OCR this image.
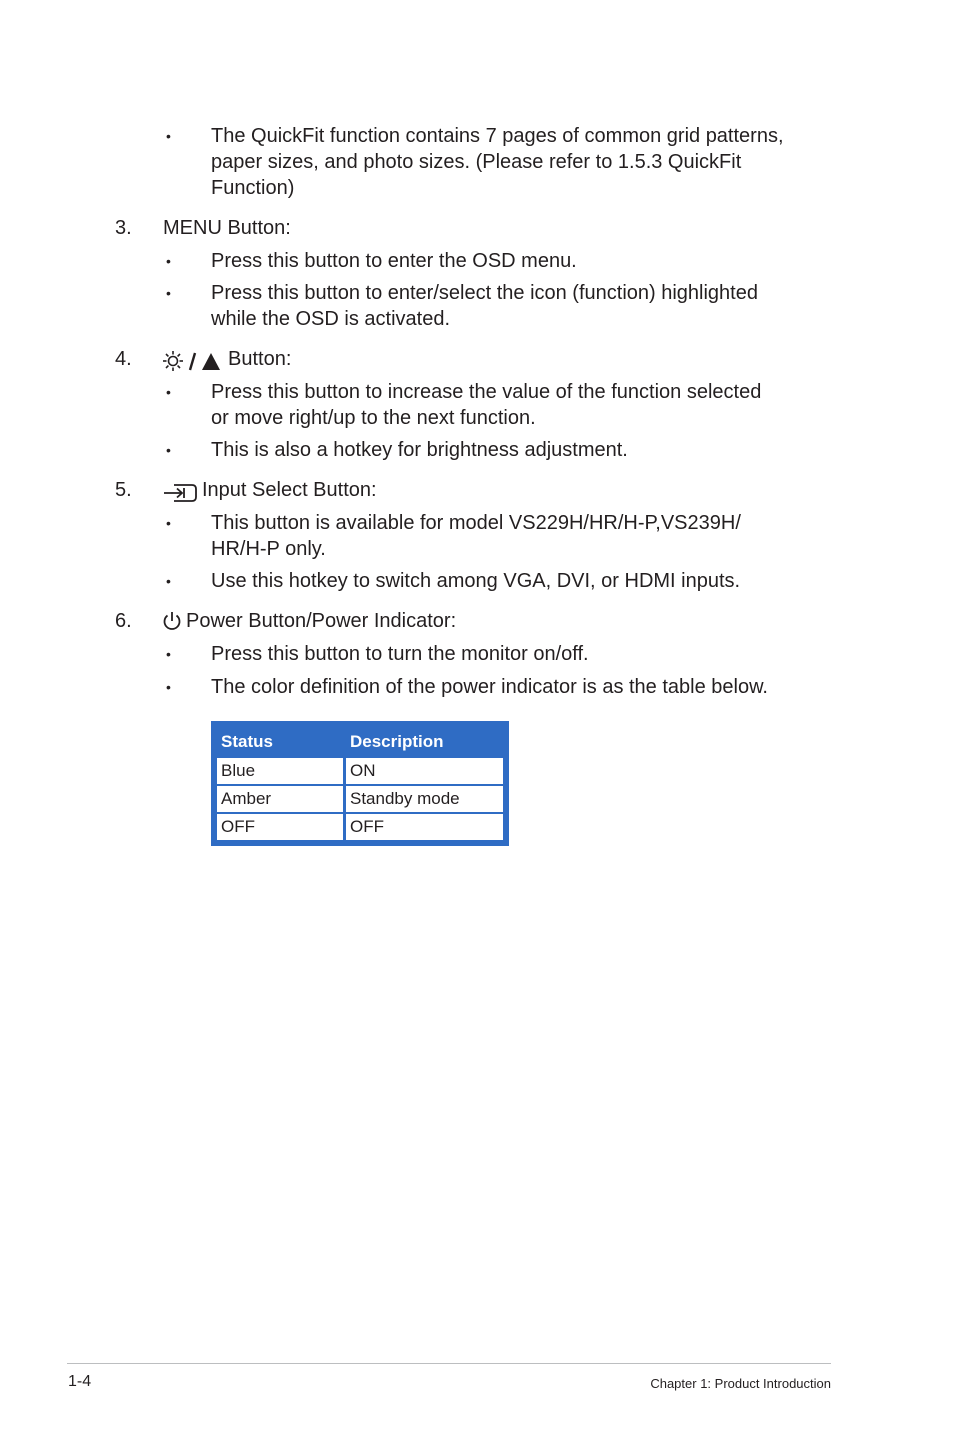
• The QuickFit function contains 7 pages of common grid patterns,
paper sizes, and photo sizes. (Please refer to 1.5.3 QuickFit
Function)
3. MENU Button:
• Press this button to enter the OSD menu.
• Press this button to enter/select the icon (function) highlighted
while the OSD is activated.
4.	Button:
• Press this button to increase the value of the function selected
or move right/up to the next function.
• This is also a hotkey for brightness adjustment.
5.	Input Select Button:
• This button is available for model VS229H/HR/H-P,VS239H/
HR/H-P only.
• Use this hotkey to switch among VGA, DVI, or HDMI inputs.
6.	Power Button/Power Indicator:
• Press this button to turn the monitor on/off.
• The color definition of the power indicator is as the table below.
Status	Description
Blue	ON
Amber	Standby mode
OFF	OFF
1-4	Chapter 1: Product Introduction
